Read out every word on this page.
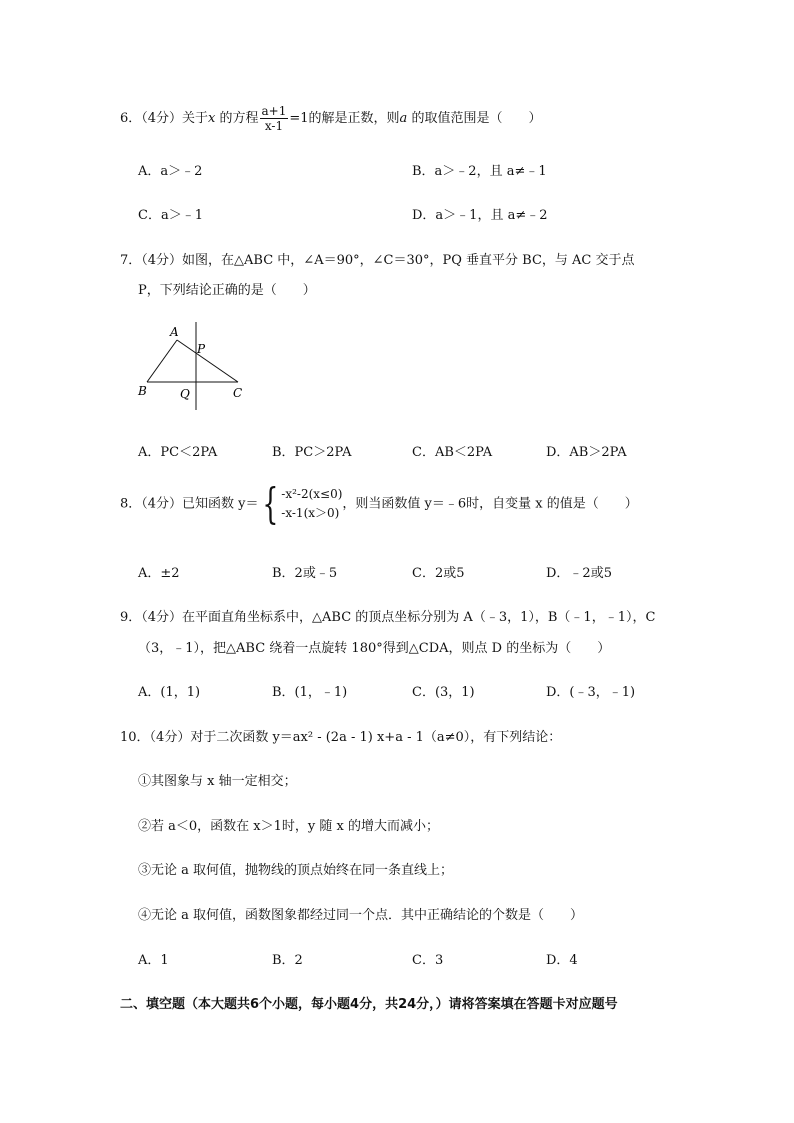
6．（4分）关于x 的方程 $\frac{a+1}{x-1} =1$的解是正数，则a 的取值范围是（　　）
A．a＞﹣2	B．a＞﹣2，且 a≠﹣1
C．a＞﹣1	D．a＞﹣1，且 a≠﹣2
7．（4分）如图，在△ABC 中，∠A＝90°，∠C＝30°，PQ 垂直平分 BC，与 AC 交于点
P，下列结论正确的是（　　）
A
P
B	Q	C
A．PC＜2PA	B．PC＞2PA	C．AB＜2PA	D．AB＞2PA
8．（4分）已知函数 y＝{ -x²-2(x≤0)
-x-1(x＞0)
，则当函数值 y＝﹣6时，自变量 x 的值是（　　）
A．±2	B．2或﹣5	C．2或5	D．﹣2或5
9．（4分）在平面直角坐标系中，△ABC 的顶点坐标分别为 A（﹣3，1），B（﹣1，﹣1），C
（3，﹣1），把△ABC 绕着一点旋转 180°得到△CDA，则点 D 的坐标为（　　）
A．(1，1)	B．(1，﹣1)	C．(3，1)	D．(﹣3，﹣1)
10．（4分）对于二次函数 y＝ax² - (2a - 1) x+a - 1（a≠0），有下列结论：
①其图象与 x 轴一定相交；
②若 a＜0，函数在 x＞1时，y 随 x 的增大而减小；
③无论 a 取何值，抛物线的顶点始终在同一条直线上；
④无论 a 取何值，函数图象都经过同一个点．其中正确结论的个数是（　　）
A．1	B．2	C．3	D．4
二、填空题（本大题共6个小题，每小题4分，共24分，）请将答案填在答题卡对应题号
